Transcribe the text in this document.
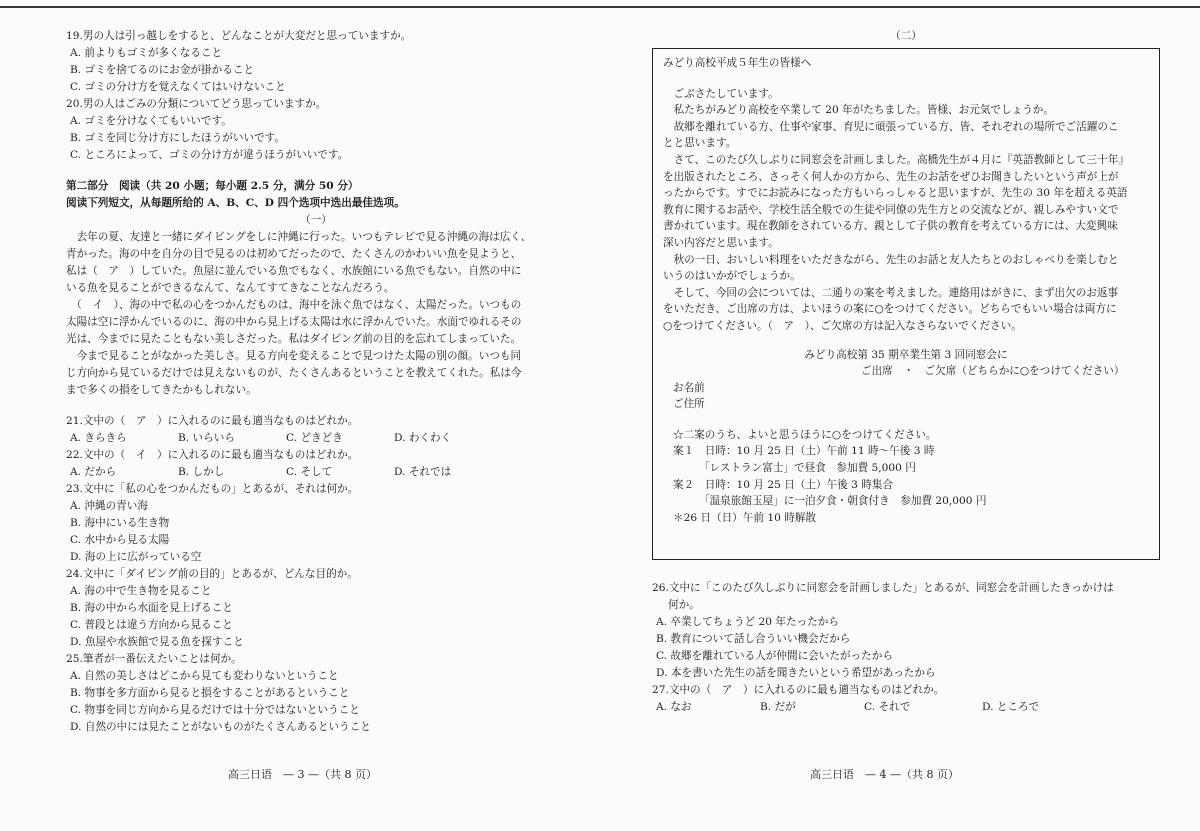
19.男の人は引っ越しをすると、どんなことが大変だと思っていますか。
A. 前よりもゴミが多くなること
B. ゴミを捨てるのにお金が掛かること
C. ゴミの分け方を覚えなくてはいけないこと
20.男の人はごみの分類についてどう思っていますか。
A. ゴミを分けなくてもいいです。
B. ゴミを同じ分け方にしたほうがいいです。
C. ところによって、ゴミの分け方が違うほうがいいです。
第二部分　阅读（共 20 小题；每小题 2.5 分，满分 50 分）
阅读下列短文，从每题所给的 A、B、C、D 四个选项中选出最佳选项。
（一）
　去年の夏、友達と一緒にダイビングをしに沖縄に行った。いつもテレビで見る沖縄の海は広く、
青かった。海の中を自分の目で見るのは初めてだったので、たくさんのかわいい魚を見ようと、
私は（　ア　）していた。魚屋に並んでいる魚でもなく、水族館にいる魚でもない。自然の中に
いる魚を見ることができるなんて、なんてすてきなことなんだろう。
　（　イ　）、海の中で私の心をつかんだものは、海中を泳ぐ魚ではなく、太陽だった。いつもの
太陽は空に浮かんでいるのに、海の中から見上げる太陽は水に浮かんでいた。水面でゆれるその
光は、今までに見たこともない美しさだった。私はダイビング前の目的を忘れてしまっていた。
　今まで見ることがなかった美しさ。見る方向を変えることで見つけた太陽の別の顔。いつも同
じ方向から見ているだけでは見えないものが、たくさんあるということを教えてくれた。私は今
まで多くの損をしてきたかもしれない。
21.文中の（　ア　）に入れるのに最も適当なものはどれか。
A. きらきら	B. いらいら	C. どきどき	D. わくわく
22.文中の（　イ　）に入れるのに最も適当なものはどれか。
A. だから	B. しかし	C. そして	D. それでは
23.文中に「私の心をつかんだもの」とあるが、それは何か。
A. 沖縄の青い海
B. 海中にいる生き物
C. 水中から見る太陽
D. 海の上に広がっている空
24.文中に「ダイビング前の目的」とあるが、どんな目的か。
A. 海の中で生き物を見ること
B. 海の中から水面を見上げること
C. 普段とは違う方向から見ること
D. 魚屋や水族館で見る魚を探すこと
25.筆者が一番伝えたいことは何か。
A. 自然の美しさはどこから見ても変わりないということ
B. 物事を多方面から見ると損をすることがあるということ
C. 物事を同じ方向から見るだけでは十分ではないということ
D. 自然の中には見たことがないものがたくさんあるということ
高三日语　— 3 —（共 8 页）
（二）
みどり高校平成５年生の皆様へ
　ごぶさたしています。
　私たちがみどり高校を卒業して 20 年がたちました。皆様、お元気でしょうか。
　故郷を離れている方、仕事や家事、育児に頑張っている方、皆、それぞれの場所でご活躍のこ
とと思います。
　さて、このたび久しぶりに同窓会を計画しました。高橋先生が４月に『英語教師として三十年』
を出版されたところ、さっそく何人かの方から、先生のお話をぜひお聞きしたいという声が上が
ったからです。すでにお読みになった方もいらっしゃると思いますが、先生の 30 年を超える英語
教育に関するお話や、学校生活全般での生徒や同僚の先生方との交流などが、親しみやすい文で
書かれています。現在教師をされている方、親として子供の教育を考えている方には、大変興味
深い内容だと思います。
　秋の一日、おいしい料理をいただきながら、先生のお話と友人たちとのおしゃべりを楽しむと
いうのはいかがでしょうか。
　そして、今回の会については、二通りの案を考えました。連絡用はがきに、まず出欠のお返事
をいただき、ご出席の方は、よいほうの案に○をつけてください。どちらでもいい場合は両方に
○をつけてください。（　ア　）、ご欠席の方は記入なさらないでください。
みどり高校第 35 期卒業生第 3 回同窓会に
ご出席　・　ご欠席（どちらかに○をつけてください）
お名前
ご住所
☆二案のうち、よいと思うほうに○をつけてください。
案１　日時：10 月 25 日（土）午前 11 時〜午後 3 時
「レストラン富士」で昼食　参加費 5,000 円
案２　日時：10 月 25 日（土）午後 3 時集合
「温泉旅館玉屋」に一泊夕食・朝食付き　参加費 20,000 円
＊26 日（日）午前 10 時解散
26.文中に「このたび久しぶりに同窓会を計画しました」とあるが、同窓会を計画したきっかけは
何か。
A. 卒業してちょうど 20 年たったから
B. 教育について話し合ういい機会だから
C. 故郷を離れている人が仲間に会いたがったから
D. 本を書いた先生の話を聞きたいという希望があったから
27.文中の（　ア　）に入れるのに最も適当なものはどれか。
A. なお	B. だが	C. それで	D. ところで
高三日语　— 4 —（共 8 页）
